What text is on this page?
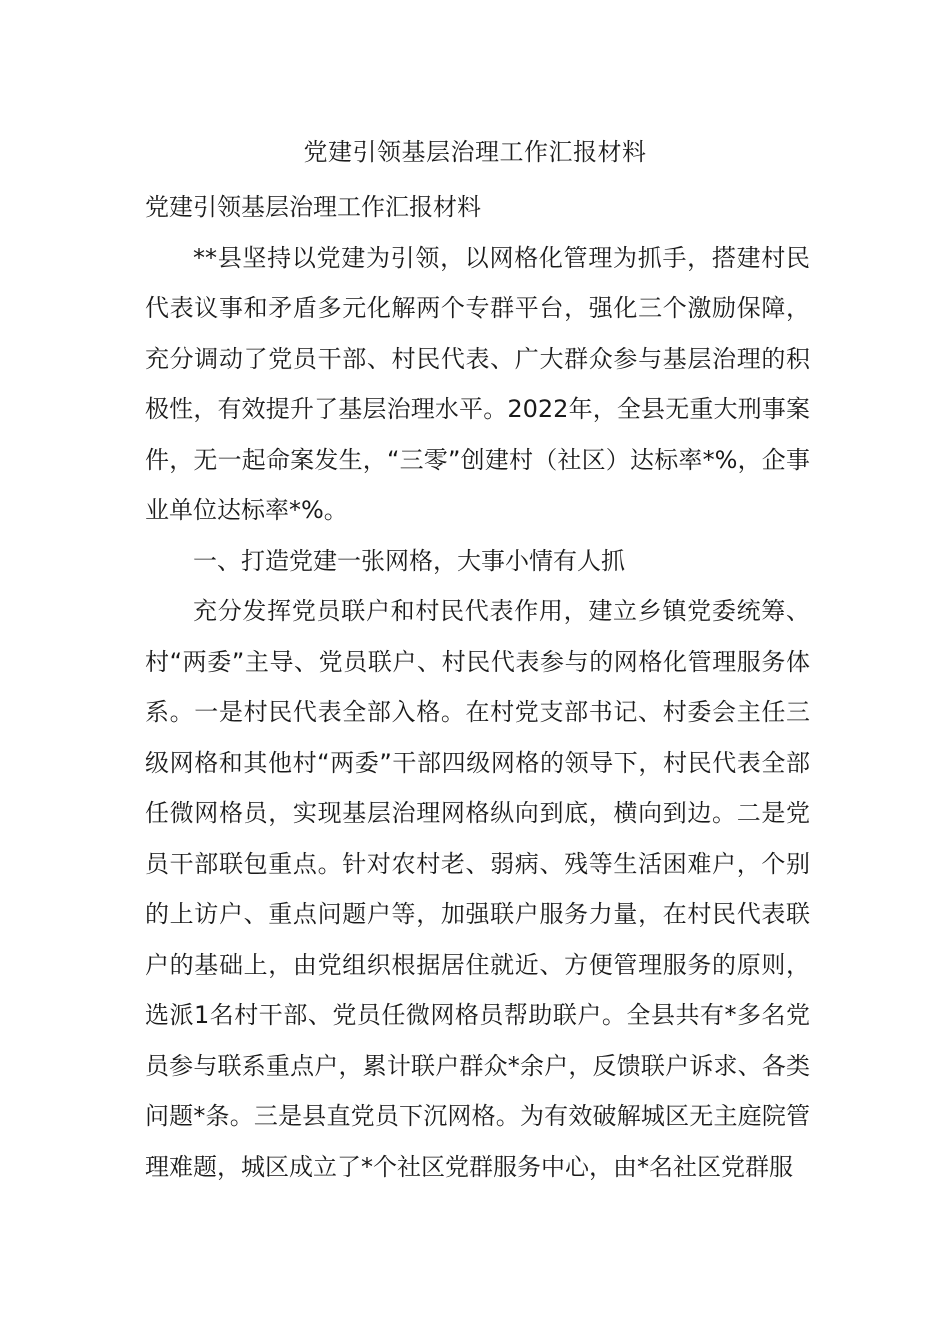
党建引领基层治理工作汇报材料

党建引领基层治理工作汇报材料

**县坚持以党建为引领，以网格化管理为抓手，搭建村民代表议事和矛盾多元化解两个专群平台，强化三个激励保障，充分调动了党员干部、村民代表、广大群众参与基层治理的积极性，有效提升了基层治理水平。2022年，全县无重大刑事案件，无一起命案发生，“三零”创建村（社区）达标率*%，企事业单位达标率*%。

一、打造党建一张网格，大事小情有人抓

充分发挥党员联户和村民代表作用，建立乡镇党委统筹、村“两委”主导、党员联户、村民代表参与的网格化管理服务体系。一是村民代表全部入格。在村党支部书记、村委会主任三级网格和其他村“两委”干部四级网格的领导下，村民代表全部任微网格员，实现基层治理网格纵向到底，横向到边。二是党员干部联包重点。针对农村老、弱病、残等生活困难户，个别的上访户、重点问题户等，加强联户服务力量，在村民代表联户的基础上，由党组织根据居住就近、方便管理服务的原则，选派1名村干部、党员任微网格员帮助联户。全县共有*多名党员参与联系重点户，累计联户群众*余户，反馈联户诉求、各类问题*条。三是县直党员下沉网格。为有效破解城区无主庭院管理难题，城区成立了*个社区党群服务中心，由*名社区党群服
